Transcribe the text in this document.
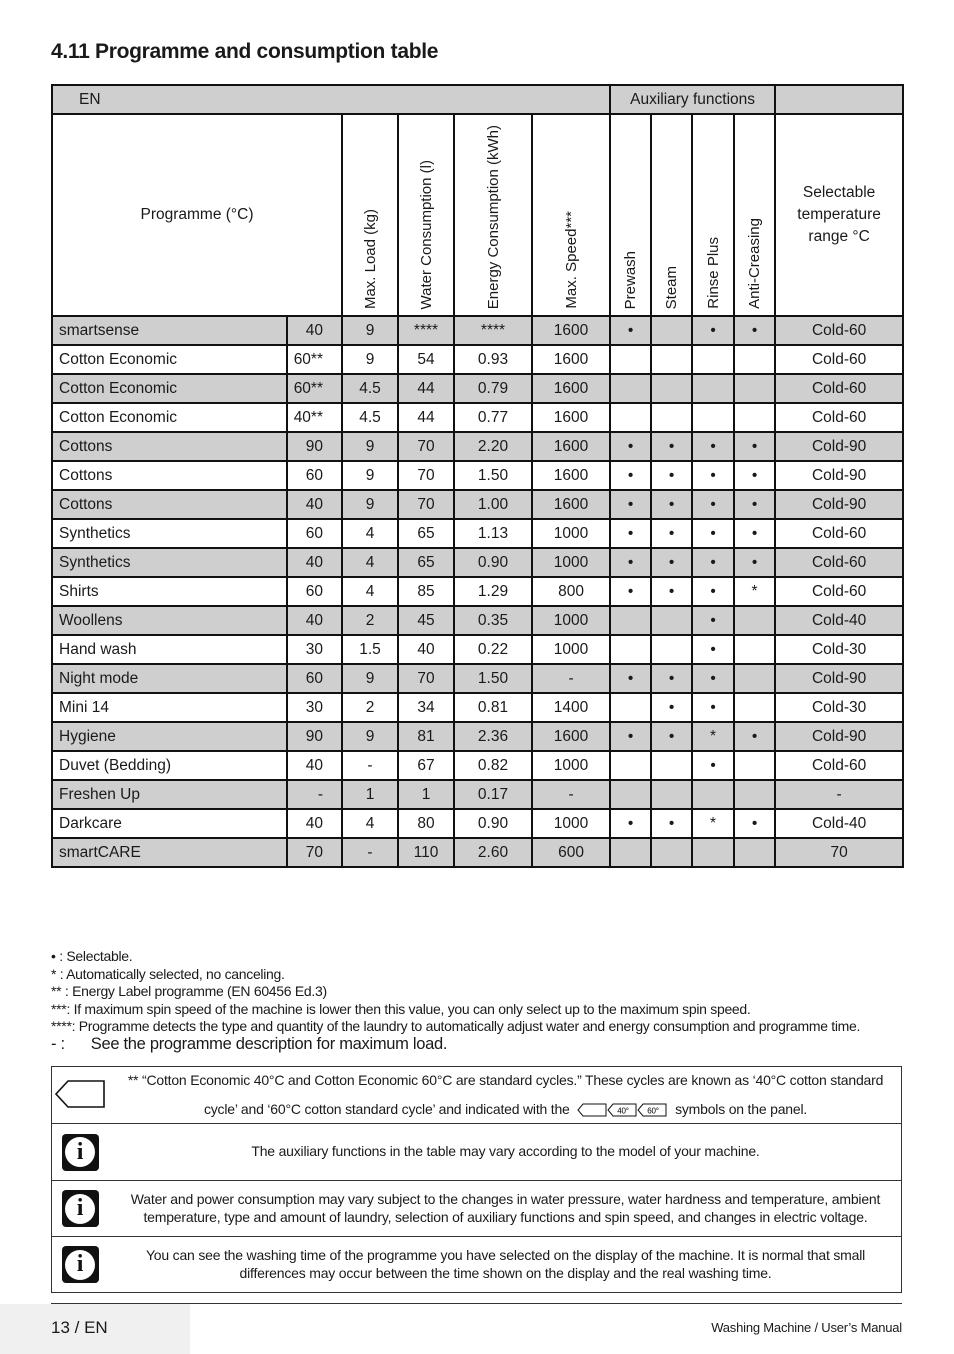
4.11 Programme and consumption table
EN						Auxiliary functions				
Programme (°C)		Max. Load (kg)	Water Consumption (l)	Energy Consumption (kWh)	Max. Speed***	Prewash	Steam	Rinse Plus	Anti-Creasing	Selectable temperature range °C
smartsense	40	9	****	****	1600	•		•	•	Cold-60
Cotton Economic	60**	9	54	0.93	1600					Cold-60
Cotton Economic	60**	4.5	44	0.79	1600					Cold-60
Cotton Economic	40**	4.5	44	0.77	1600					Cold-60
Cottons	90	9	70	2.20	1600	•	•	•	•	Cold-90
Cottons	60	9	70	1.50	1600	•	•	•	•	Cold-90
Cottons	40	9	70	1.00	1600	•	•	•	•	Cold-90
Synthetics	60	4	65	1.13	1000	•	•	•	•	Cold-60
Synthetics	40	4	65	0.90	1000	•	•	•	•	Cold-60
Shirts	60	4	85	1.29	800	•	•	•	*	Cold-60
Woollens	40	2	45	0.35	1000			•		Cold-40
Hand wash	30	1.5	40	0.22	1000			•		Cold-30
Night mode	60	9	70	1.50	-	•	•	•		Cold-90
Mini 14	30	2	34	0.81	1400		•	•		Cold-30
Hygiene	90	9	81	2.36	1600	•	•	*	•	Cold-90
Duvet (Bedding)	40	-	67	0.82	1000			•		Cold-60
Freshen Up	-	1	1	0.17	-					-
Darkcare	40	4	80	0.90	1000	•	•	*	•	Cold-40
smartCARE	70	-	110	2.60	600					70

• : Selectable.

* : Automatically selected, no canceling.

** : Energy Label programme (EN 60456 Ed.3)

***: If maximum spin speed of the machine is lower then this value, you can only select up to the maximum spin speed.

****: Programme detects the type and quantity of the laundry to automatically adjust water and energy consumption and programme time.

- : See the programme description for maximum load.

** “Cotton Economic 40°C and Cotton Economic 60°C are standard cycles.” These cycles are known as ‘40°C cotton standard
cycle’ and ‘60°C cotton standard cycle’ and indicated with the 40° 60° symbols on the panel.

i	The auxiliary functions in the table may vary according to the model of your machine.

i	Water and power consumption may vary subject to the changes in water pressure, water hardness and temperature, ambient temperature, type and amount of laundry, selection of auxiliary functions and spin speed, and changes in electric voltage.

i	You can see the washing time of the programme you have selected on the display of the machine. It is normal that small differences may occur between the time shown on the display and the real washing time.
13 / EN	Washing Machine / User’s Manual
